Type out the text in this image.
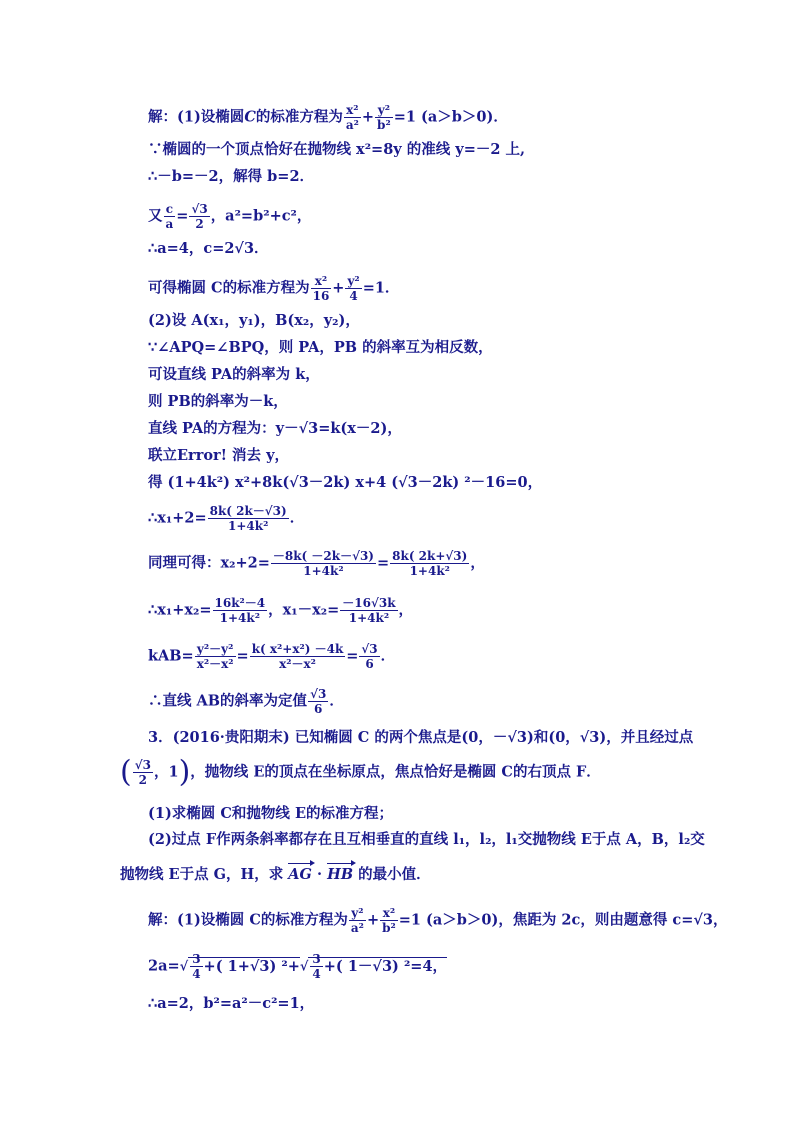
解：(1)设椭圆C的标准方程为 $\frac{\text{x²}}{\text{a²}} + \frac{\text{y²}}{\text{b²}} =1$ (a＞b＞0)．
∵椭圆的一个顶点恰好在抛物线 x²=8y 的准线 y=－2 上,
∴－b=－2，解得 b=2．
又 $\frac{c}{a} = \frac{√3}{2}$ ，a²=b²+c²，
∴a=4，c=2√3．
可得椭圆 C的标准方程为 $\frac{\text{x²}}{16} + \frac{\text{y²}}{4} =1$．
(2)设 A(x₁，y₁)，B(x₂，y₂)，
∵∠APQ=∠BPQ，则 PA，PB 的斜率互为相反数，
可设直线 PA的斜率为 k，
则 PB的斜率为－k，
直线 PA的方程为：y－√3=k(x－2)，
联立Error! 消去 y，
得 (1+4k²) x²+8k(√3－2k) x+4 (√3－2k) ²－16=0，
∴x₁+2= $\frac{8k( 2k-√3)}{\text{1+4k²}}$ ．
同理可得：$x_2+2= \frac{-8k( -2k-√3)}{\text{1+4k²}} = \frac{8k( 2k+√3)}{\text{1+4k²}}$ ，
∴x₁+x₂= $\frac{\text{16k²－4}}{\text{1+4k²}}$ ，$x_1-x_2= \frac{-16√3k}{\text{1+4k²}}$ ，
$kAB= \frac{\text{y²－y²}}{\text{x²－x²}} = \frac{\text{k( x²+x²) －4k}}{\text{x²－x²}} = \frac{√3}{6}$ ．
∴直线 AB的斜率为定值 $\frac{√3}{6}$ ．
3．(2016·贵阳期末) 已知椭圆 C 的两个焦点是(0，－√3)和(0，√3)，并且经过点
( $\frac{√3}{2}$ ，1)，抛物线 E的顶点在坐标原点，焦点恰好是椭圆 C的右顶点 F．
(1)求椭圆 C和抛物线 E的标准方程；
(2)过点 F作两条斜率都存在且互相垂直的直线 l₁，l₂，l₁交抛物线 E于点 A，B，l₂交
抛物线 E于点 G，H，求 AG · HB 的最小值．
解：(1)设椭圆 C的标准方程为 $\frac{\text{y²}}{\text{a²}} + \frac{\text{x²}}{\text{b²}} =1$ (a＞b＞0)，焦距为 2c，则由题意得 c=√3，
$2a=√ \frac{3}{4}$ +( 1+√3) $^2+√ \frac{3}{4}$ +( 1－√3) ²=4，
∴a=2，b²=a²－c²=1，
